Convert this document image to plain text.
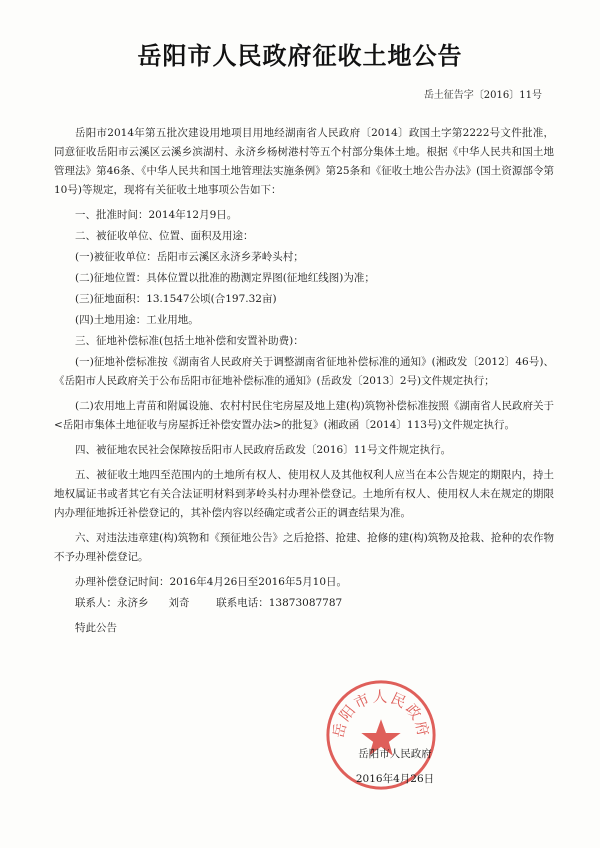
岳阳市人民政府征收土地公告
岳土征告字〔2016〕11号

岳阳市2014年第五批次建设用地项目用地经湖南省人民政府〔2014〕政国土字第2222号文件批准，同意征收岳阳市云溪区云溪乡滨湖村、永济乡杨树港村等五个村部分集体土地。根据《中华人民共和国土地管理法》第46条、《中华人民共和国土地管理法实施条例》第25条和《征收土地公告办法》(国土资源部令第10号)等规定，现将有关征收土地事项公告如下：

一、批准时间：2014年12月9日。

二、被征收单位、位置、面积及用途：

(一)被征收单位：岳阳市云溪区永济乡茅岭头村；

(二)征地位置：具体位置以批准的勘测定界图(征地红线图)为准；

(三)征地面积：13.1547公顷(合197.32亩)

(四)土地用途：工业用地。

三、征地补偿标准(包括土地补偿和安置补助费)：

(一)征地补偿标准按《湖南省人民政府关于调整湖南省征地补偿标准的通知》(湘政发〔2012〕46号)、《岳阳市人民政府关于公布岳阳市征地补偿标准的通知》(岳政发〔2013〕2号)文件规定执行；

(二)农用地上青苗和附属设施、农村村民住宅房屋及地上建(构)筑物补偿标准按照《湖南省人民政府关于<岳阳市集体土地征收与房屋拆迁补偿安置办法>的批复》(湘政函〔2014〕113号)文件规定执行。

四、被征地农民社会保障按岳阳市人民政府岳政发〔2016〕11号文件规定执行。

五、被征收土地四至范围内的土地所有权人、使用权人及其他权利人应当在本公告规定的期限内，持土地权属证书或者其它有关合法证明材料到茅岭头村办理补偿登记。土地所有权人、使用权人未在规定的期限内办理征地拆迁补偿登记的，其补偿内容以经确定或者公正的调查结果为准。

六、对违法违章建(构)筑物和《预征地公告》之后抢搭、抢建、抢修的建(构)筑物及抢栽、抢种的农作物不予办理补偿登记。

办理补偿登记时间：2016年4月26日至2016年5月10日。

联系人：永济乡
刘奇
	联系电话： 13873087787

特此公告

岳阳市人民政府
岳阳市人民政府
2016年4月26日
